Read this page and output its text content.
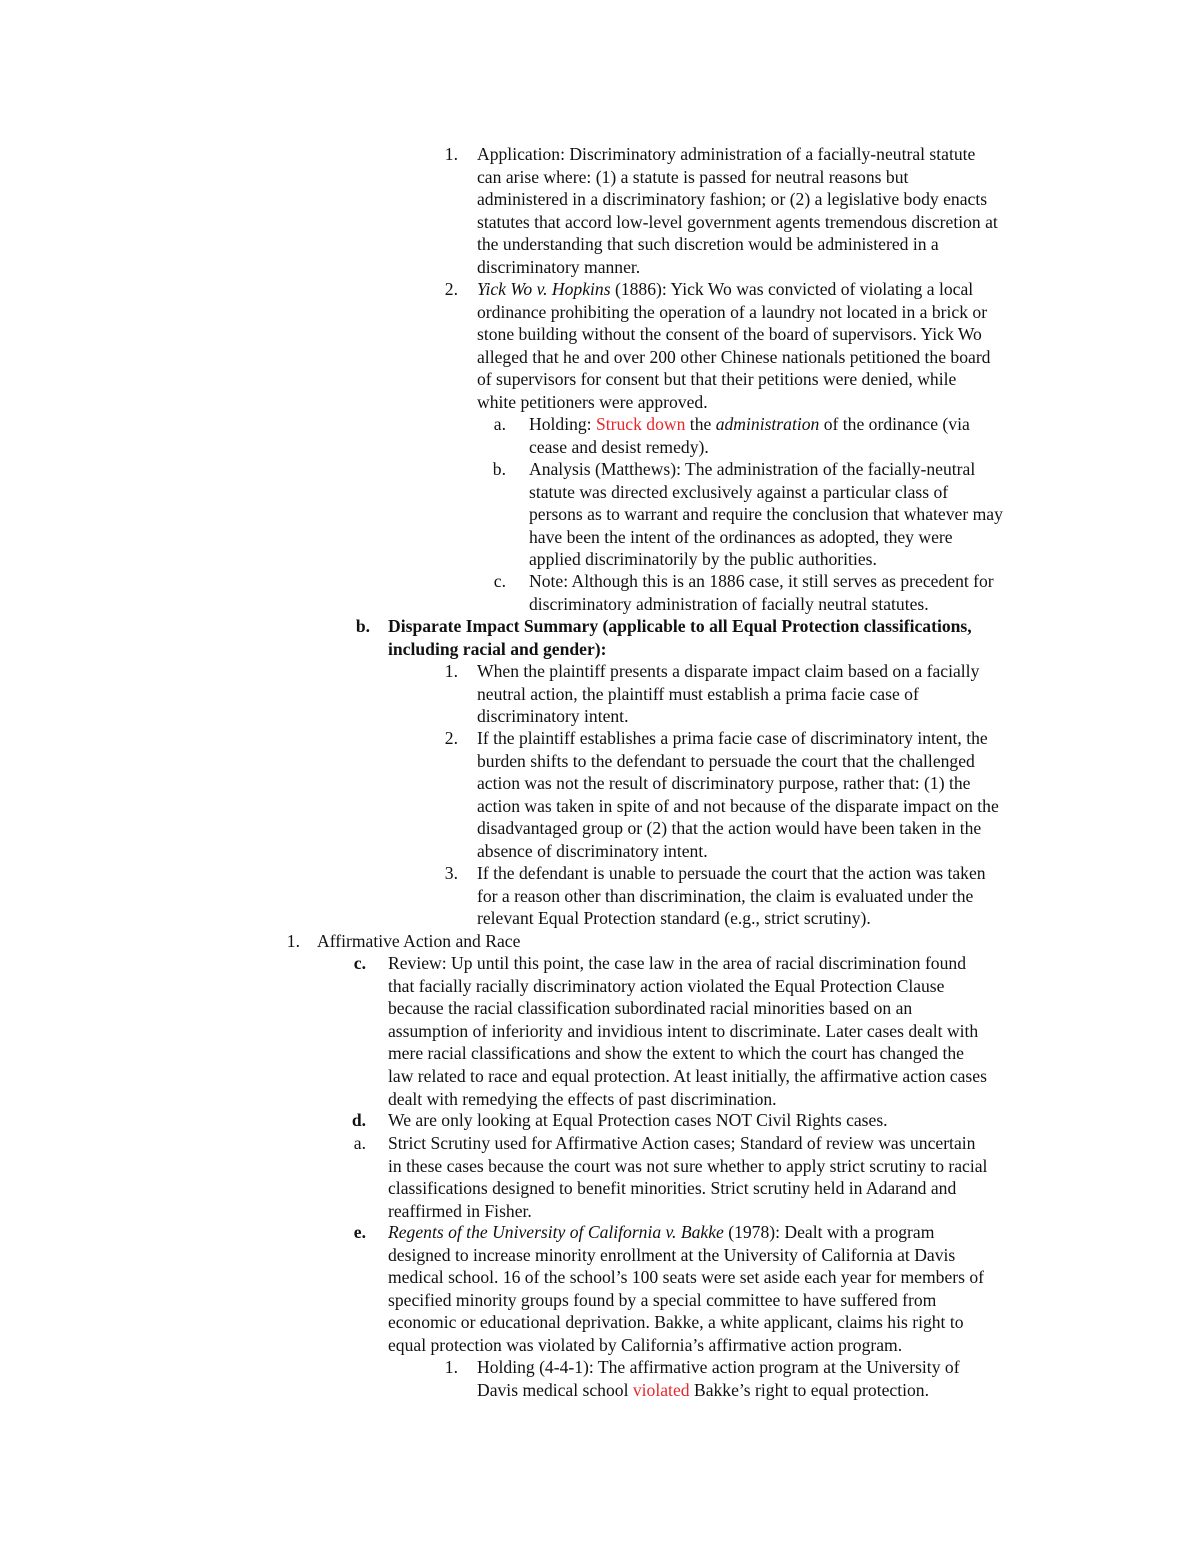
1. Application: Discriminatory administration of a facially-neutral statute
can arise where: (1) a statute is passed for neutral reasons but
administered in a discriminatory fashion; or (2) a legislative body enacts
statutes that accord low-level government agents tremendous discretion at
the understanding that such discretion would be administered in a
discriminatory manner.
2. Yick Wo v. Hopkins (1886): Yick Wo was convicted of violating a local
ordinance prohibiting the operation of a laundry not located in a brick or
stone building without the consent of the board of supervisors. Yick Wo
alleged that he and over 200 other Chinese nationals petitioned the board
of supervisors for consent but that their petitions were denied, while
white petitioners were approved.
a. Holding: Struck down the administration of the ordinance (via
cease and desist remedy).
b. Analysis (Matthews): The administration of the facially-neutral
statute was directed exclusively against a particular class of
persons as to warrant and require the conclusion that whatever may
have been the intent of the ordinances as adopted, they were
applied discriminatorily by the public authorities.
c. Note: Although this is an 1886 case, it still serves as precedent for
discriminatory administration of facially neutral statutes.
b. Disparate Impact Summary (applicable to all Equal Protection classifications,
including racial and gender):
1. When the plaintiff presents a disparate impact claim based on a facially
neutral action, the plaintiff must establish a prima facie case of
discriminatory intent.
2. If the plaintiff establishes a prima facie case of discriminatory intent, the
burden shifts to the defendant to persuade the court that the challenged
action was not the result of discriminatory purpose, rather that: (1) the
action was taken in spite of and not because of the disparate impact on the
disadvantaged group or (2) that the action would have been taken in the
absence of discriminatory intent.
3. If the defendant is unable to persuade the court that the action was taken
for a reason other than discrimination, the claim is evaluated under the
relevant Equal Protection standard (e.g., strict scrutiny).
1. Affirmative Action and Race
c. Review: Up until this point, the case law in the area of racial discrimination found
that facially racially discriminatory action violated the Equal Protection Clause
because the racial classification subordinated racial minorities based on an
assumption of inferiority and invidious intent to discriminate. Later cases dealt with
mere racial classifications and show the extent to which the court has changed the
law related to race and equal protection. At least initially, the affirmative action cases
dealt with remedying the effects of past discrimination.
d. We are only looking at Equal Protection cases NOT Civil Rights cases.
a. Strict Scrutiny used for Affirmative Action cases; Standard of review was uncertain
in these cases because the court was not sure whether to apply strict scrutiny to racial
classifications designed to benefit minorities. Strict scrutiny held in Adarand and
reaffirmed in Fisher.
e. Regents of the University of California v. Bakke (1978): Dealt with a program
designed to increase minority enrollment at the University of California at Davis
medical school. 16 of the school’s 100 seats were set aside each year for members of
specified minority groups found by a special committee to have suffered from
economic or educational deprivation. Bakke, a white applicant, claims his right to
equal protection was violated by California’s affirmative action program.
1. Holding (4-4-1): The affirmative action program at the University of
Davis medical school violated Bakke’s right to equal protection.
